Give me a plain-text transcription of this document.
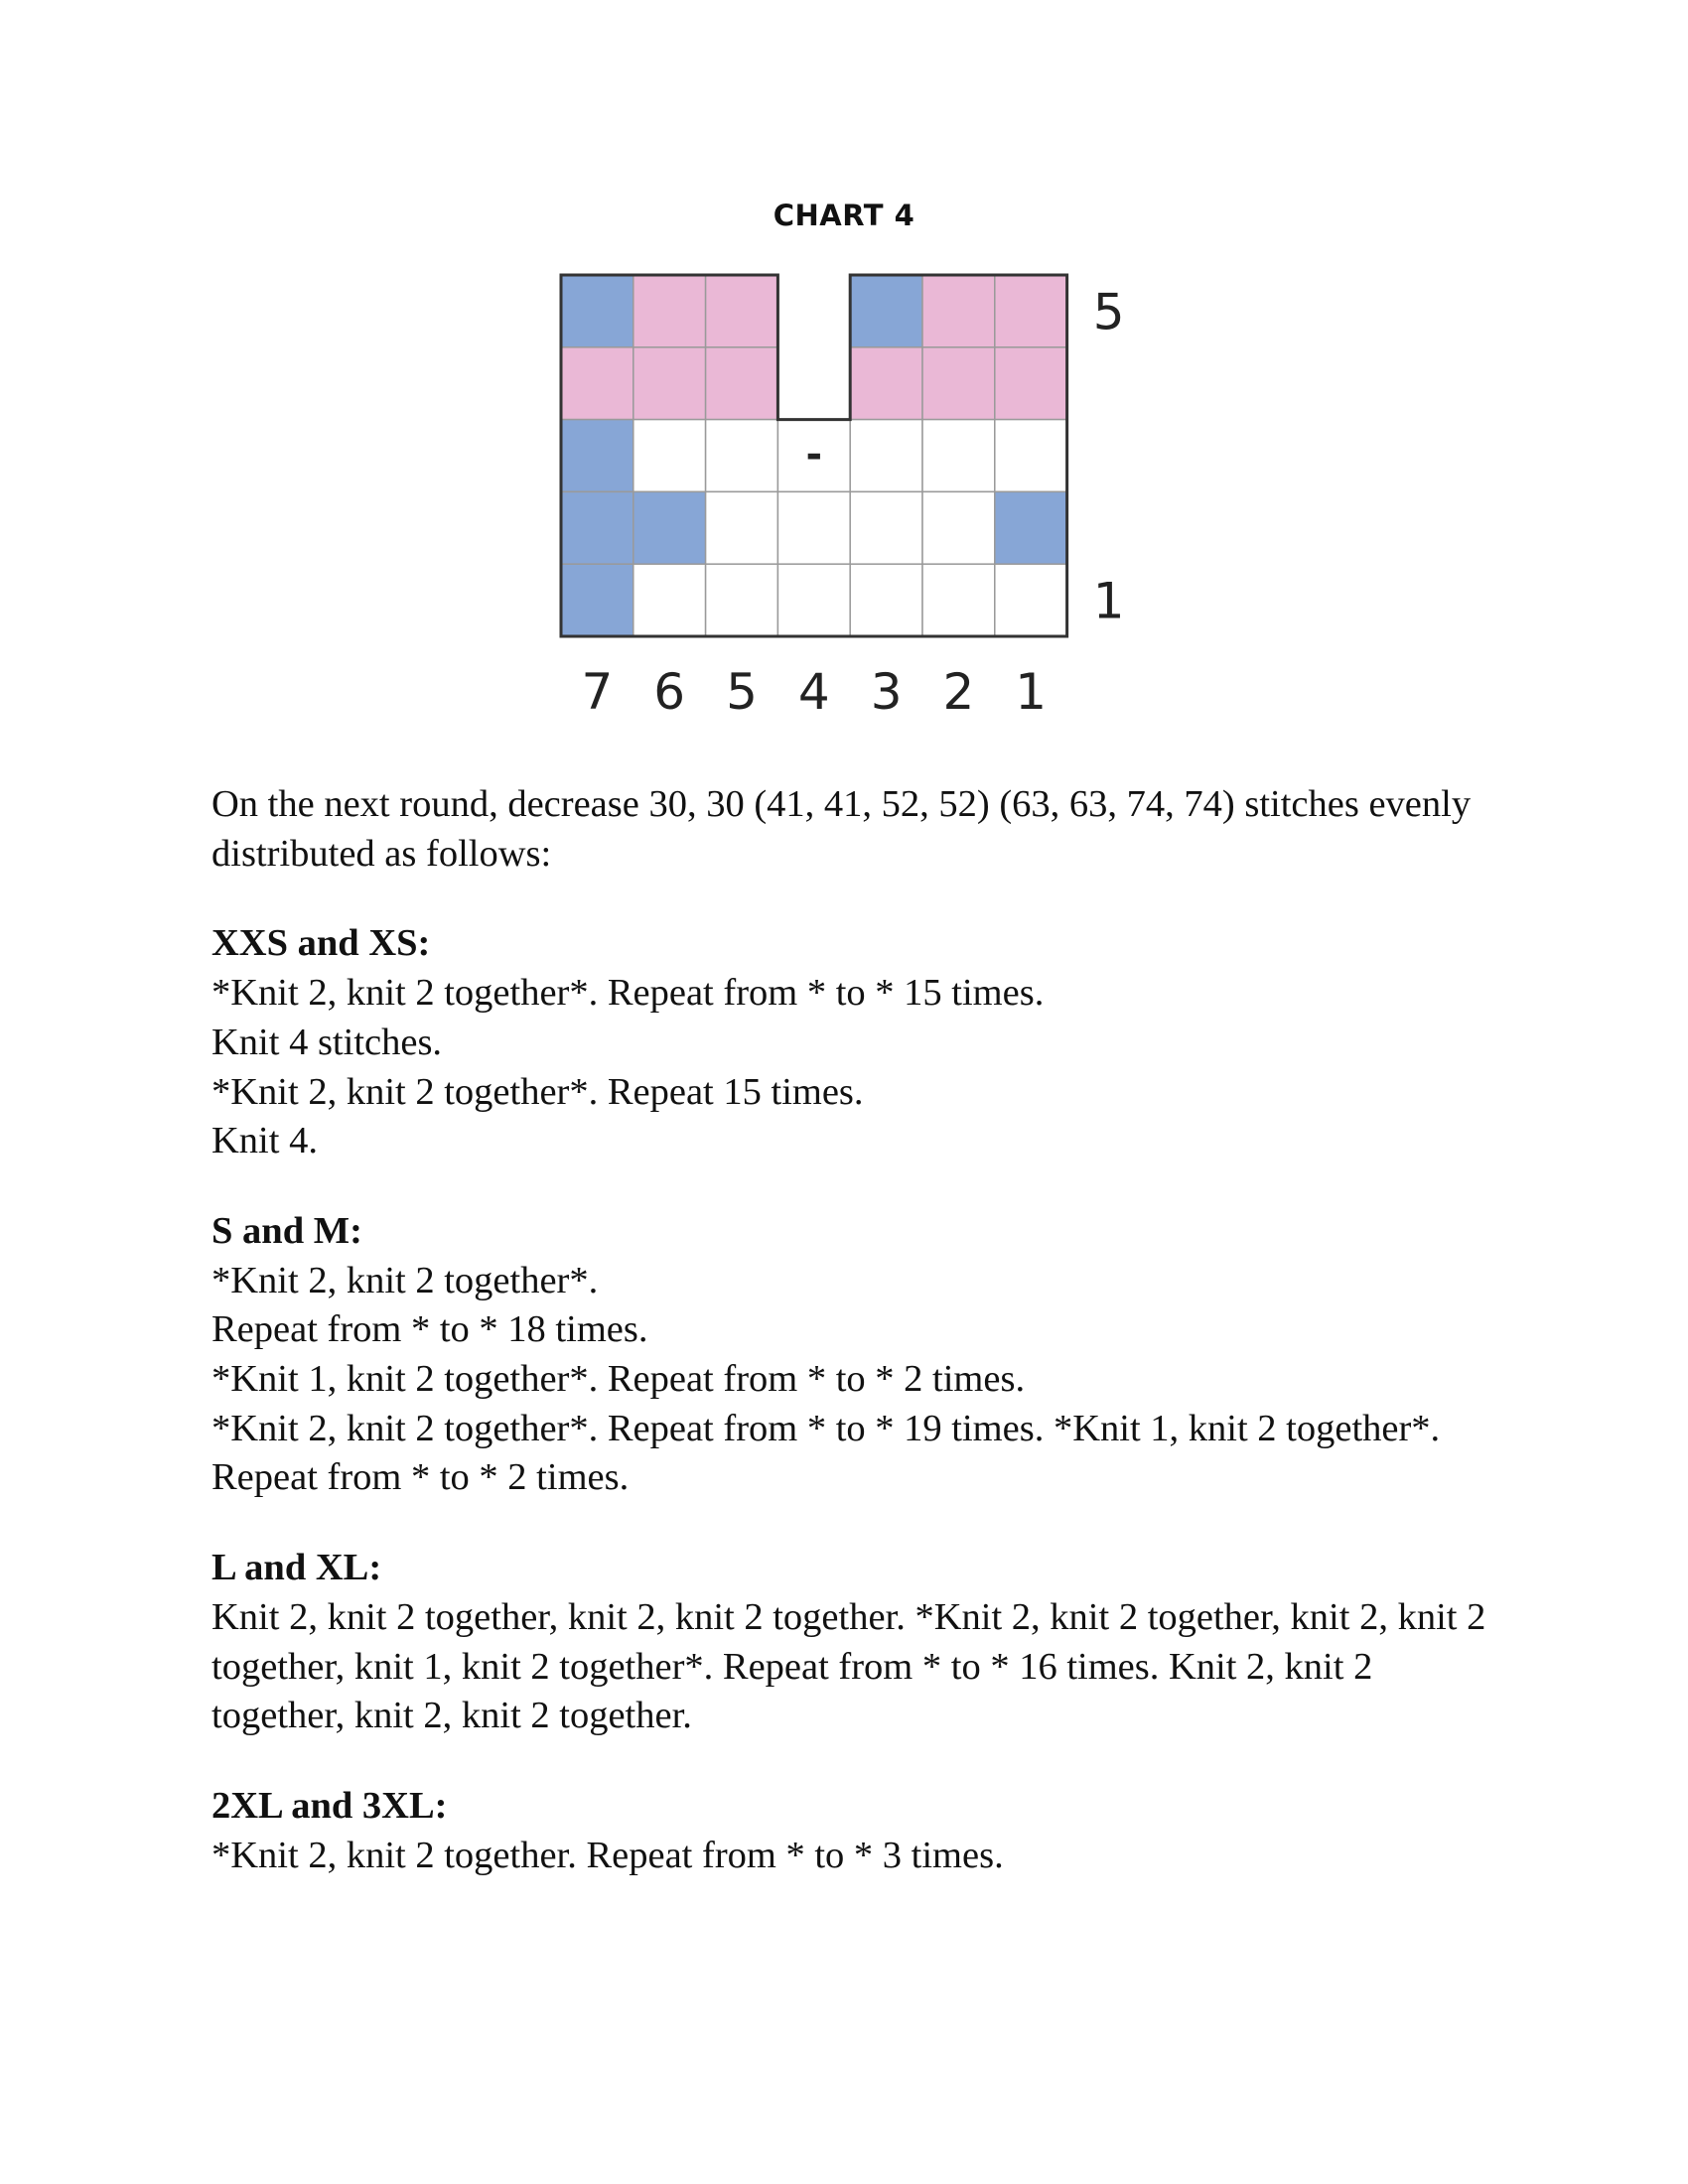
CHART 4
-
5
1
7 6 5 4 3 2 1

On the next round, decrease 30, 30 (41, 41, 52, 52) (63, 63, 74, 74) stitches evenly distributed as follows:

XXS and XS:

*Knit 2, knit 2 together*. Repeat from * to * 15 times.

Knit 4 stitches.

*Knit 2, knit 2 together*. Repeat 15 times.

Knit 4.

S and M:

*Knit 2, knit 2 together*.

Repeat from * to * 18 times.

*Knit 1, knit 2 together*. Repeat from * to * 2 times.

*Knit 2, knit 2 together*. Repeat from * to * 19 times. *Knit 1, knit 2 together*. Repeat from * to * 2 times.

L and XL:

Knit 2, knit 2 together, knit 2, knit 2 together. *Knit 2, knit 2 together, knit 2, knit 2 together, knit 1, knit 2 together*. Repeat from * to * 16 times. Knit 2, knit 2 together, knit 2, knit 2 together.

2XL and 3XL:

*Knit 2, knit 2 together. Repeat from * to * 3 times.
